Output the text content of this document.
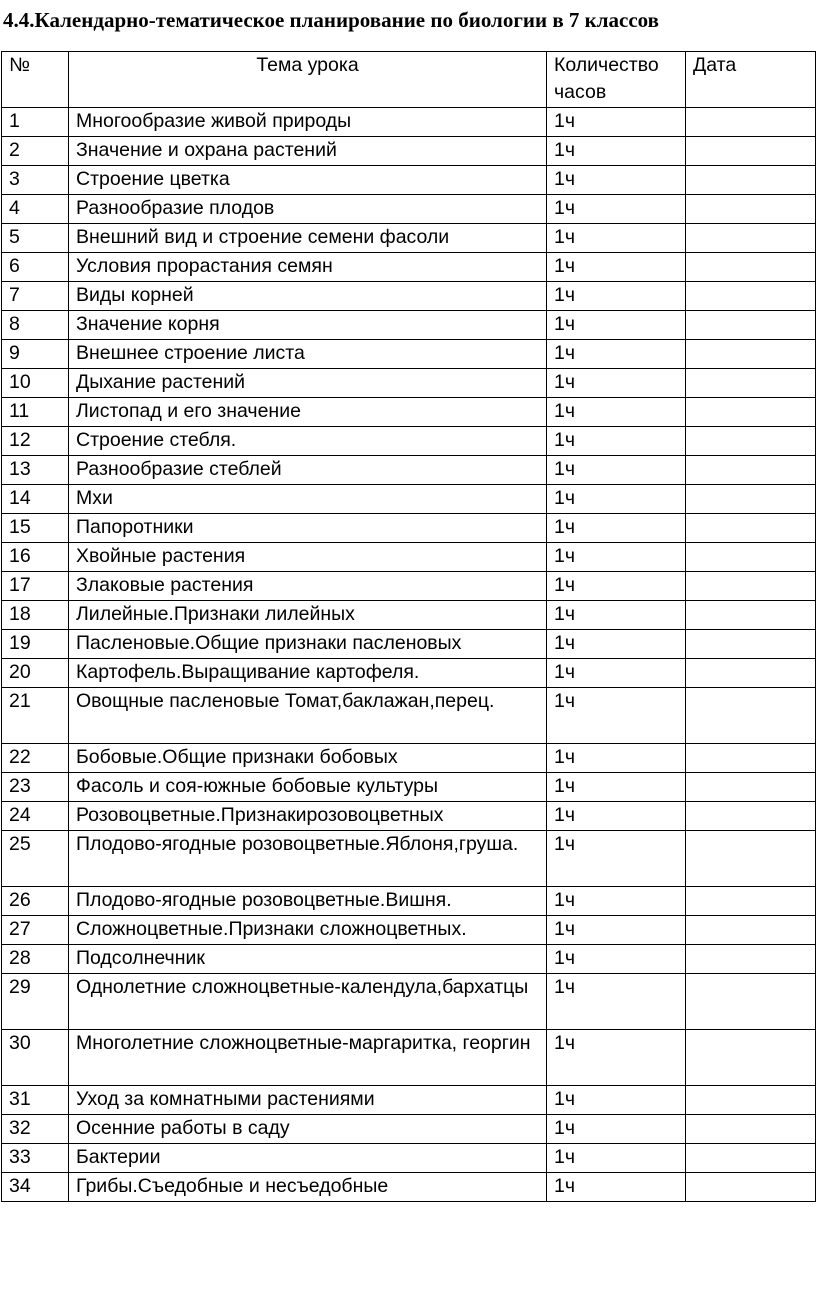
4.4.Календарно-тематическое планирование по биологии в 7 классов
№	Тема урока	Количество часов	Дата
1	Многообразие живой природы	1ч	
2	Значение и охрана растений	1ч	
3	Строение цветка	1ч	
4	Разнообразие плодов	1ч	
5	Внешний вид и строение семени фасоли	1ч	
6	Условия прорастания семян	1ч	
7	Виды корней	1ч	
8	Значение корня	1ч	
9	Внешнее строение листа	1ч	
10	Дыхание растений	1ч	
11	Листопад и его значение	1ч	
12	Строение стебля.	1ч	
13	Разнообразие стеблей	1ч	
14	Мхи	1ч	
15	Папоротники	1ч	
16	Хвойные растения	1ч	
17	Злаковые растения	1ч	
18	Лилейные.Признаки лилейных	1ч	
19	Пасленовые.Общие признаки пасленовых	1ч	
20	Картофель.Выращивание картофеля.	1ч	
21	Овощные пасленовые Томат,баклажан,перец.	1ч	
22	Бобовые.Общие признаки бобовых	1ч	
23	Фасоль и соя-южные бобовые культуры	1ч	
24	Розовоцветные.Признакирозовоцветных	1ч	
25	Плодово-ягодные розовоцветные.Яблоня,груша.	1ч	
26	Плодово-ягодные розовоцветные.Вишня.	1ч	
27	Сложноцветные.Признаки сложноцветных.	1ч	
28	Подсолнечник	1ч	
29	Однолетние сложноцветные-календула,бархатцы	1ч	
30	Многолетние сложноцветные-маргаритка, георгин	1ч	
31	Уход за комнатными растениями	1ч	
32	Осенние работы в саду	1ч	
33	Бактерии	1ч	
34	Грибы.Съедобные и несъедобные	1ч	
